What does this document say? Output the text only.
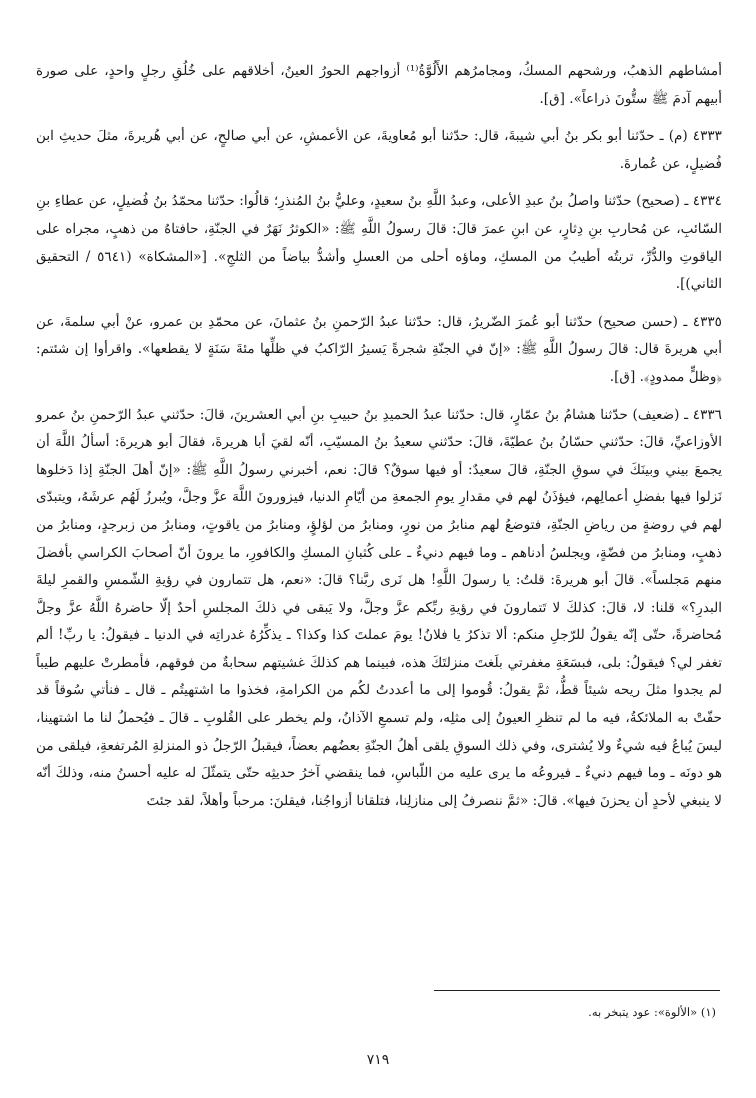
أمشاطهم الذهبُ، ورشحهم المسكُ، ومجامرُهم الأَلُوَّةُ⁽¹⁾ أزواجهم الحورُ العينُ، أخلاقهم على خُلُقِ رجلٍ واحدٍ، على صورة أبيهم آدمَ ﷺ ستُّونَ ذراعاً». [ق].

٤٣٣٣ (م) ـ حدّثنا أبو بكر بنُ أبي شيبةَ، قال: حدّثنا أبو مُعاويةَ، عن الأعمشِ، عن أبي صالحٍ، عن أبي هُريرةَ، مثلَ حديثِ ابن فُضيلٍ، عن عُمارةَ.

٤٣٣٤ ـ (صحيح) حدّثنا واصلُ بنُ عبدِ الأعلى، وعبدُ اللَّهِ بنُ سعيدٍ، وعليُّ بنُ المُنذرِ؛ قالُوا: حدّثنا محمّدُ بنُ فُضيلٍ، عن عطاءِ بنِ السّائبِ، عن مُحاربِ بنِ دِثارٍ، عن ابنِ عمرَ قالَ: قالَ رسولُ اللَّهِ ﷺ: «الكوثرُ نَهَرٌ في الجنّةِ، حافتاهُ من ذهبٍ، مجراه على الياقوتِ والدُّرِّ، تربتُه أطيبُ من المسكِ، وماؤه أحلى من العسلِ وأشدُّ بياضاً من الثلجِ». [«المشكاة» (٥٦٤١ / التحقيق الثاني)].

٤٣٣٥ ـ (حسن صحيح) حدّثنا أبو عُمرَ الضّريرُ، قال: حدّثنا عبدُ الرّحمنِ بنُ عثمانَ، عن محمّدِ بن عمرو، عنْ أبي سلمةَ، عن أبي هريرةَ قال: قالَ رسولُ اللَّهِ ﷺ: «إنّ في الجنّةِ شجرةً يَسيرُ الرّاكبُ في ظلِّها مئةَ سَنَةٍ لا يقطعها». واقرأوا إن شئتم: ﴿وظلٍّ ممدودٍ﴾. [ق].

٤٣٣٦ ـ (ضعيف) حدّثنا هشامُ بنُ عمّارٍ، قال: حدّثنا عبدُ الحميدِ بنُ حبيبِ بنِ أبي العشرينَ، قالَ: حدّثني عبدُ الرّحمنِ بنُ عمرو الأوزاعيِّ، قالَ: حدّثني حسّانُ بنُ عطيّةَ، قالَ: حدّثني سعيدُ بنُ المسيّبِ، أنّه لقيَ أبا هريرةَ، فقالَ أبو هريرةَ: أسألُ اللَّهَ أن يجمعَ بيني وبينَكَ في سوقِ الجنّةِ، قالَ سعيدٌ: أو فيها سوقٌ؟ قالَ: نعم، أخبرني رسولُ اللَّهِ ﷺ: «إنّ أهلَ الجنّةِ إذا دَخلوها نَزلوا فيها بفضلِ أعمالِهم، فيؤذَنُ لهم في مقدارِ يومِ الجمعةِ من أيّامِ الدنيا، فيزورونَ اللَّهَ عزَّ وجلَّ، ويُبرزُ لَهُم عرشَهُ، ويتبدّى لهم في روضةٍ من رياضِ الجنّةِ، فتوضعُ لهم منابرُ من نورٍ، ومنابرُ من لؤلؤٍ، ومنابرُ من ياقوتٍ، ومنابرُ من زبرجدٍ، ومنابرُ من ذهبٍ، ومنابرُ من فضّةٍ، ويجلسُ أدناهم ـ وما فيهم دنيءٌ ـ على كُثبانِ المسكِ والكافورِ، ما يرونَ أنّ أصحابَ الكراسي بأفضلَ منهم مَجلساً». قالَ أبو هريرةَ: قلتُ: يا رسولَ اللَّهِ! هل نَرى ربَّنا؟ قالَ: «نعم، هل تتمارون في رؤيةِ الشّمسِ والقمرِ ليلةَ البدرِ؟» قلنا: لا، قالَ: كذلكَ لا تَتمارونَ في رؤيةِ ربِّكم عزَّ وجلَّ، ولا يَبقى في ذلكَ المجلسِ أحدٌ إلّا حاضرهُ اللَّهُ عزَّ وجلَّ مُحاضرةً، حتّى إنّه يقولُ للرّجلِ منكم: ألا تذكرُ يا فلانُ! يومَ عملتَ كذا وكذا؟ ـ يذكِّرُهُ غدراتِه في الدنيا ـ فيقولُ: يا ربِّ! ألم تغفر لي؟ فيقولُ: بلى، فبسَعَةِ مغفرتي بلَغتَ منزلتَكَ هذه، فبينما هم كذلكَ غشيتهم سحابةٌ من فوقهم، فأمطرتْ عليهم طيباً لم يجدوا مثلَ ريحه شيئاً قطُّ، ثمَّ يقولُ: قُوموا إلى ما أعددتُ لكُم من الكرامةِ، فخذوا ما اشتهيتُم ـ قال ـ فنأتي سُوقاً قد حفّتْ به الملائكةُ، فيه ما لم تنظرِ العيونُ إلى مثلِه، ولم تسمعِ الآذانُ، ولم يخطر على القُلوبِ ـ قالَ ـ فيُحملُ لنا ما اشتهينا، ليسَ يُباعُ فيه شيءٌ ولا يُشترى، وفي ذلك السوقِ يلقى أهلُ الجنّةِ بعضُهم بعضاً، فيقبلُ الرّجلُ ذو المنزلةِ المُرتفعةِ، فيلقى من هو دونَه ـ وما فيهم دنيءٌ ـ فيروعُه ما يرى عليه من اللّباسِ، فما ينقضي آخرُ حديثِه حتّى يتمثّلَ له عليه أحسنُ منه، وذلكَ أنّه لا ينبغي لأحدٍ أن يحزنَ فيها». قالَ: «ثمَّ ننصرفُ إلى منازلِنا، فتلقانا أزواجُنا، فيقلنَ: مرحباً وأهلاً، لقد جئتَ

(١) «الألوة»: عود يتبخر به.
٧١٩
